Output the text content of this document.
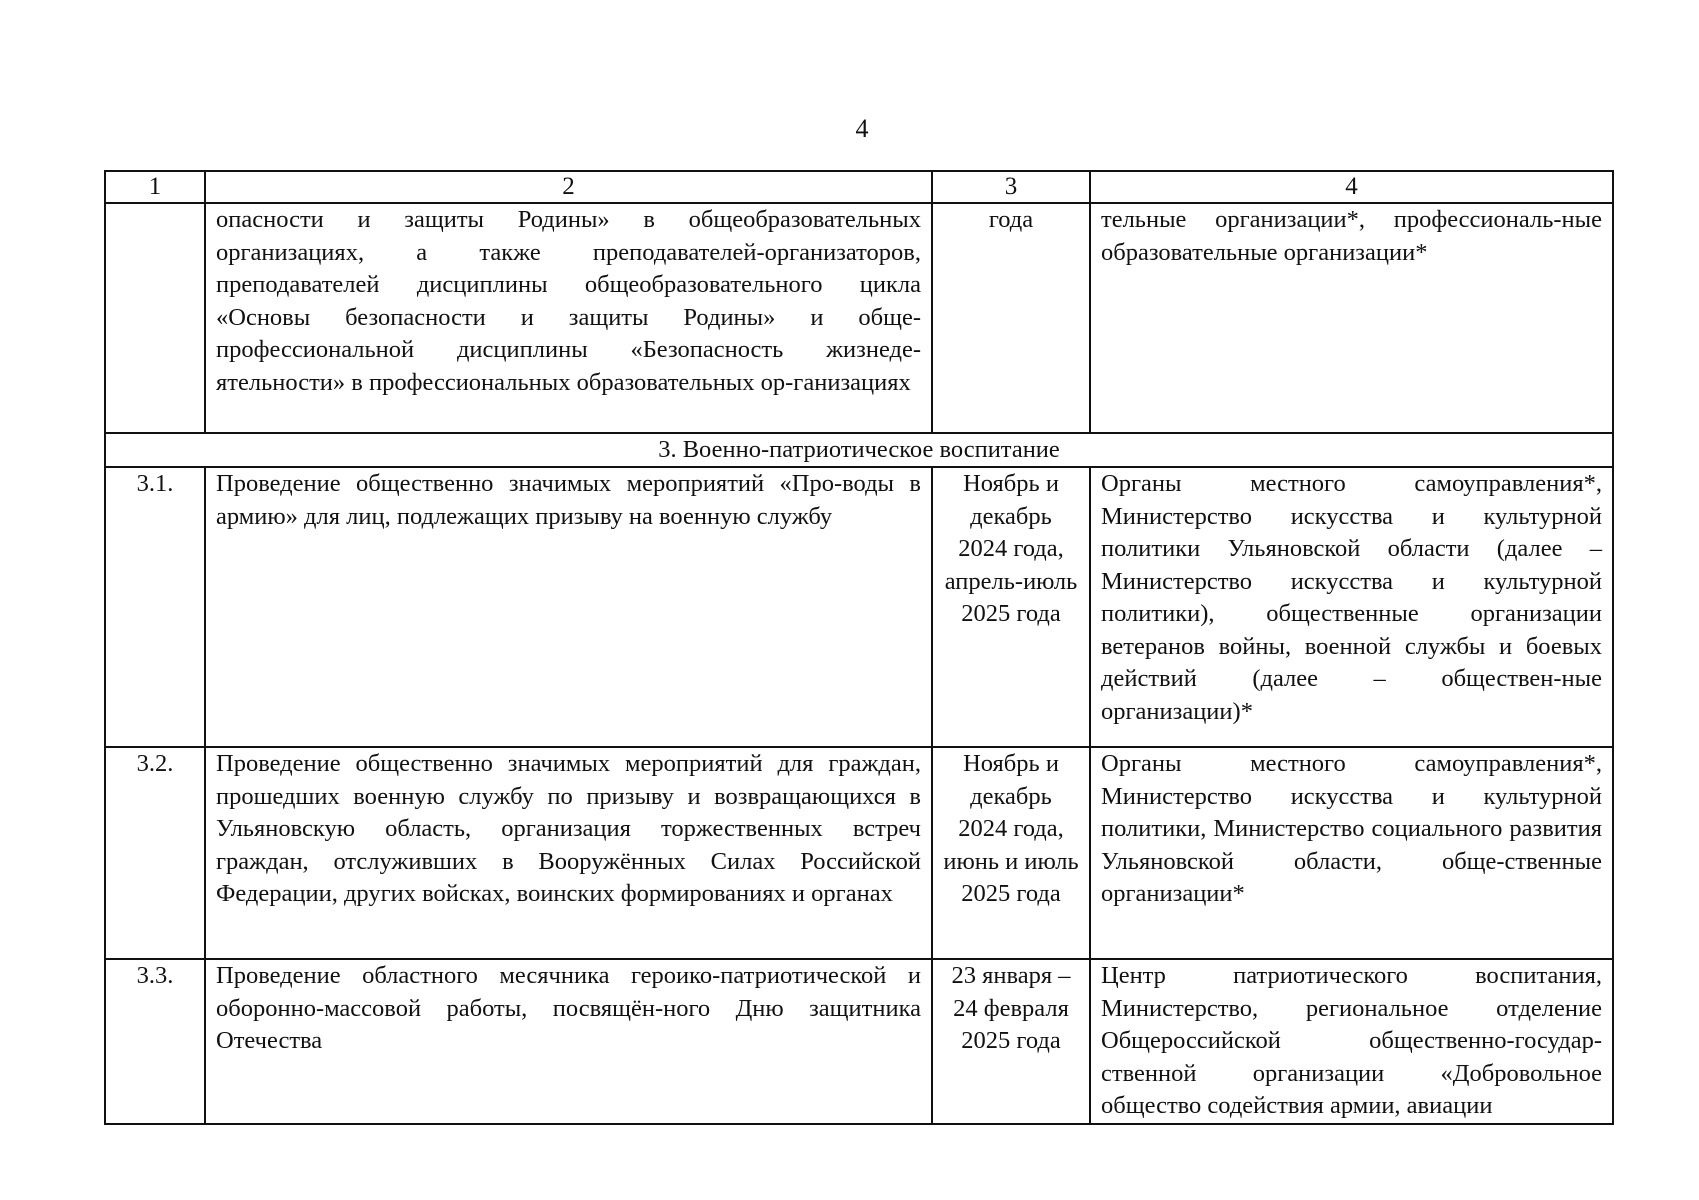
4
1	2	3	4
	опасности и защиты Родины» в общеобразовательных организациях, а также преподавателей-организаторов, преподавателей дисциплины общеобразовательного цикла «Основы безопасности и защиты Родины» и обще-профессиональной дисциплины «Безопасность жизнеде-ятельности» в профессиональных образовательных ор-ганизациях	года	тельные организации*, профессиональ-ные образовательные организации*
3. Военно-патриотическое воспитание			
3.1.	Проведение общественно значимых мероприятий «Про-воды в армию» для лиц, подлежащих призыву на военную службу	Ноябрь и декабрь 2024 года, апрель-июль 2025 года	Органы местного самоуправления*, Министерство искусства и культурной политики Ульяновской области (далее – Министерство искусства и культурной политики), общественные организации ветеранов войны, военной службы и боевых действий (далее – обществен-ные организации)*
3.2.	Проведение общественно значимых мероприятий для граждан, прошедших военную службу по призыву и возвращающихся в Ульяновскую область, организация торжественных встреч граждан, отслуживших в Вооружённых Силах Российской Федерации, других войсках, воинских формированиях и органах	Ноябрь и декабрь 2024 года, июнь и июль 2025 года	Органы местного самоуправления*, Министерство искусства и культурной политики, Министерство социального развития Ульяновской области, обще-ственные организации*
3.3.	Проведение областного месячника героико-патриотической и оборонно-массовой работы, посвящён-ного Дню защитника Отечества	23 января – 24 февраля 2025 года	Центр патриотического воспитания, Министерство, региональное отделение Общероссийской общественно-государ-ственной организации «Добровольное общество содействия армии, авиации
